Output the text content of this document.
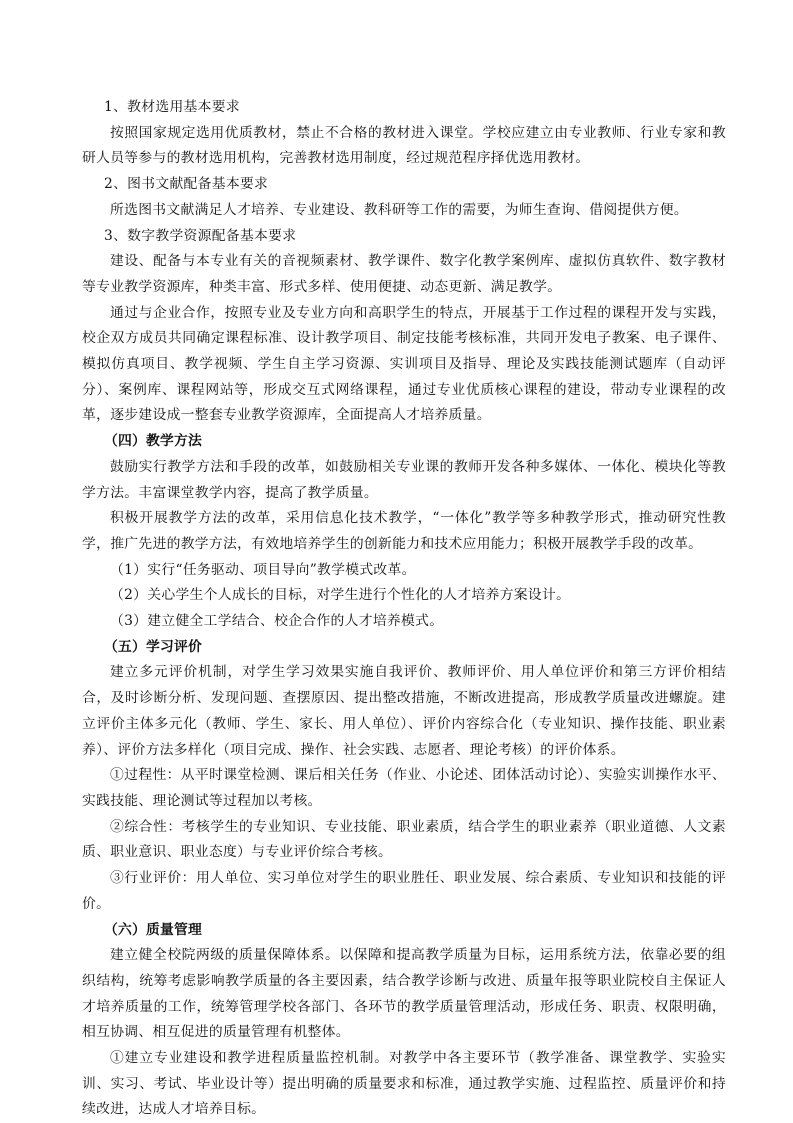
1、教材选用基本要求

按照国家规定选用优质教材，禁止不合格的教材进入课堂。学校应建立由专业教师、行业专家和教研人员等参与的教材选用机构，完善教材选用制度，经过规范程序择优选用教材。

2、图书文献配备基本要求

所选图书文献满足人才培养、专业建设、教科研等工作的需要，为师生查询、借阅提供方便。

3、数字教学资源配备基本要求

建设、配备与本专业有关的音视频素材、教学课件、数字化教学案例库、虚拟仿真软件、数字教材等专业教学资源库，种类丰富、形式多样、使用便捷、动态更新、满足教学。

通过与企业合作，按照专业及专业方向和高职学生的特点，开展基于工作过程的课程开发与实践，校企双方成员共同确定课程标准、设计教学项目、制定技能考核标准，共同开发电子教案、电子课件、模拟仿真项目、教学视频、学生自主学习资源、实训项目及指导、理论及实践技能测试题库（自动评分）、案例库、课程网站等，形成交互式网络课程，通过专业优质核心课程的建设，带动专业课程的改革，逐步建设成一整套专业教学资源库，全面提高人才培养质量。

（四）教学方法

鼓励实行教学方法和手段的改革，如鼓励相关专业课的教师开发各种多媒体、一体化、模块化等教学方法。丰富课堂教学内容，提高了教学质量。

积极开展教学方法的改革，采用信息化技术教学，“一体化”教学等多种教学形式，推动研究性教学，推广先进的教学方法，有效地培养学生的创新能力和技术应用能力；积极开展教学手段的改革。

（1）实行“任务驱动、项目导向”教学模式改革。

（2）关心学生个人成长的目标，对学生进行个性化的人才培养方案设计。

（3）建立健全工学结合、校企合作的人才培养模式。

（五）学习评价

建立多元评价机制，对学生学习效果实施自我评价、教师评价、用人单位评价和第三方评价相结合，及时诊断分析、发现问题、查摆原因、提出整改措施，不断改进提高，形成教学质量改进螺旋。建立评价主体多元化（教师、学生、家长、用人单位）、评价内容综合化（专业知识、操作技能、职业素养）、评价方法多样化（项目完成、操作、社会实践、志愿者、理论考核）的评价体系。

①过程性：从平时课堂检测、课后相关任务（作业、小论述、团体活动讨论）、实验实训操作水平、实践技能、理论测试等过程加以考核。

②综合性：考核学生的专业知识、专业技能、职业素质，结合学生的职业素养（职业道德、人文素质、职业意识、职业态度）与专业评价综合考核。

③行业评价：用人单位、实习单位对学生的职业胜任、职业发展、综合素质、专业知识和技能的评价。

（六）质量管理

建立健全校院两级的质量保障体系。以保障和提高教学质量为目标，运用系统方法，依靠必要的组织结构，统筹考虑影响教学质量的各主要因素，结合教学诊断与改进、质量年报等职业院校自主保证人才培养质量的工作，统筹管理学校各部门、各环节的教学质量管理活动，形成任务、职责、权限明确，相互协调、相互促进的质量管理有机整体。

①建立专业建设和教学进程质量监控机制。对教学中各主要环节（教学准备、课堂教学、实验实训、实习、考试、毕业设计等）提出明确的质量要求和标准，通过教学实施、过程监控、质量评价和持续改进，达成人才培养目标。
